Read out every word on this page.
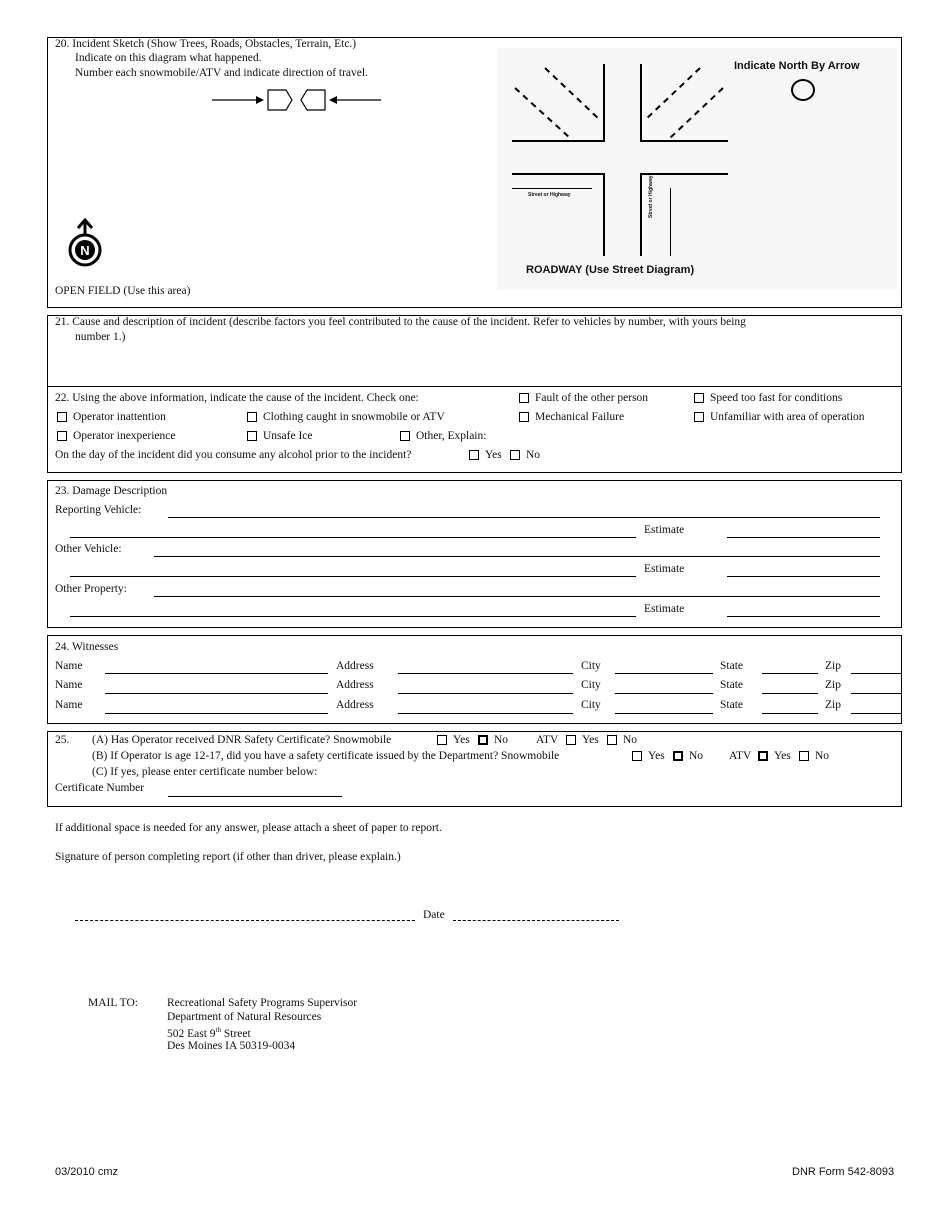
20. Incident Sketch (Show Trees, Roads, Obstacles, Terrain, Etc.)
Indicate on this diagram what happened.
Number each snowmobile/ATV and indicate direction of travel.
N
OPEN FIELD (Use this area)
Street or Highway	Street or Highway
Indicate North By Arrow
ROADWAY (Use Street Diagram)
21. Cause and description of incident (describe factors you feel contributed to the cause of the incident. Refer to vehicles by number, with yours being
number 1.)
22. Using the above information, indicate the cause of the incident. Check one:	Fault of the other person	Speed too fast for conditions
Operator inattention	Clothing caught in snowmobile or ATV	Mechanical Failure	Unfamiliar with area of operation
Operator inexperience	Unsafe Ice	Other, Explain:
On the day of the incident did you consume any alcohol prior to the incident?	Yes No
23. Damage Description
Reporting Vehicle:
Estimate
Other Vehicle:
Estimate
Other Property:
Estimate
24. Witnesses
Name	Address	City	State	Zip
Name	Address	City	State	Zip
Name	Address	City	State	Zip
25. (A) Has Operator received DNR Safety Certificate? Snowmobile	Yes No ATV Yes No
(B) If Operator is age 12-17, did you have a safety certificate issued by the Department? Snowmobile	Yes No ATV Yes No
(C) If yes, please enter certificate number below:
Certificate Number
If additional space is needed for any answer, please attach a sheet of paper to report.
Signature of person completing report (if other than driver, please explain.)
Date
MAIL TO:	Recreational Safety Programs Supervisor
Department of Natural Resources
502 East 9th Street
Des Moines IA 50319-0034
03/2010 cmz	DNR Form 542-8093
